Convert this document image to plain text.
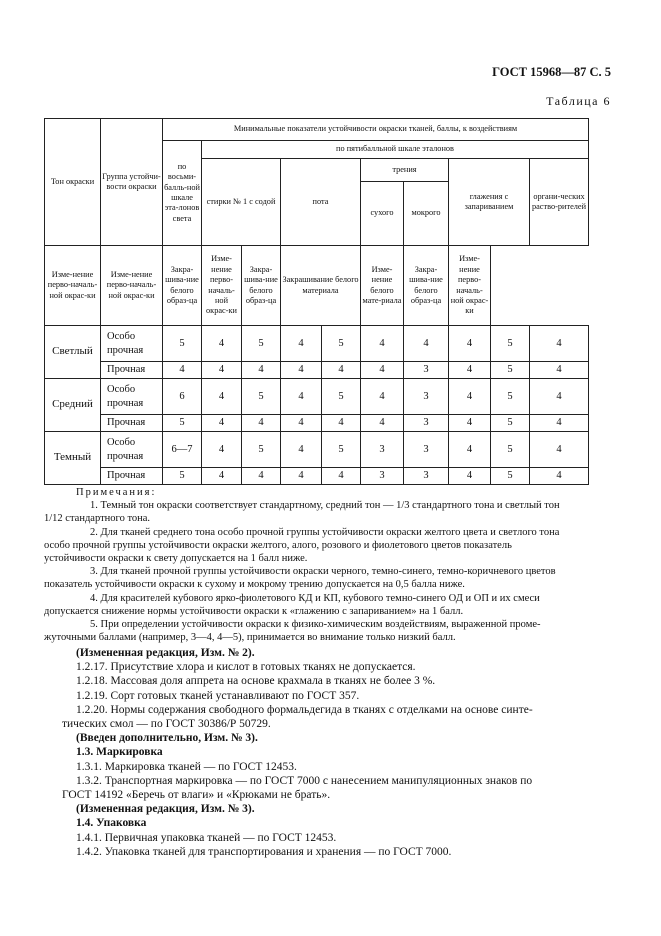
ГОСТ 15968—87 С. 5
Таблица 6
Тон окраски	Группа устойчи-вости окраски	Минимальные показатели устойчивости окраски тканей, баллы, к воздействиям									
		по восьми-балль-ной шкале эта-лонов света	по пятибалльной шкале эталонов								
			стирки № 1 с содой		пота		трения		глажения с запариванием		органи-ческих раство-рителей
							сухого	мокрого			
Изме-нение перво-началь-ной окрас-ки	Изме-нение перво-началь-ной окрас-ки	Закра-шива-ние белого образ-ца	Изме-нение перво-началь-ной окрас-ки	Закра-шива-ние белого образ-ца	Закрашивание белого материала		Изме-нение белого мате-риала	Закра-шива-ние белого образ-ца	Изме-нение перво-началь-ной окрас-ки		
Светлый	Особо прочная	5	4	5	4	5	4	4	4	5	4
	Прочная	4	4	4	4	4	4	3	4	5	4
Средний	Особо прочная	6	4	5	4	5	4	3	4	5	4
	Прочная	5	4	4	4	4	4	3	4	5	4
Темный	Особо прочная	6—7	4	5	4	5	3	3	4	5	4
	Прочная	5	4	4	4	4	3	3	4	5	4

Примечания:

1. Темный тон окраски соответствует стандартному, средний тон — 1/3 стандартного тона и светлый тон

1/12 стандартного тона.

2. Для тканей среднего тона особо прочной группы устойчивости окраски желтого цвета и светлого тона

особо прочной группы устойчивости окраски желтого, алого, розового и фиолетового цветов показатель

устойчивости окраски к свету допускается на 1 балл ниже.

3. Для тканей прочной группы устойчивости окраски черного, темно-синего, темно-коричневого цветов

показатель устойчивости окраски к сухому и мокрому трению допускается на 0,5 балла ниже.

4. Для красителей кубового ярко-фиолетового КД и КП, кубового темно-синего ОД и ОП и их смеси

допускается снижение нормы устойчивости окраски к «глажению с запариванием» на 1 балл.

5. При определении устойчивости окраски к физико-химическим воздействиям, выраженной проме-

жуточными баллами (например, 3—4, 4—5), принимается во внимание только низкий балл.

(Измененная редакция, Изм. № 2).

1.2.17. Присутствие хлора и кислот в готовых тканях не допускается.

1.2.18. Массовая доля аппрета на основе крахмала в тканях не более 3 %.

1.2.19. Сорт готовых тканей устанавливают по ГОСТ 357.

1.2.20. Нормы содержания свободного формальдегида в тканях с отделками на основе синте-

тических смол — по ГОСТ 30386/Р 50729.

(Введен дополнительно, Изм. № 3).

1.3. Маркировка

1.3.1. Маркировка тканей — по ГОСТ 12453.

1.3.2. Транспортная маркировка — по ГОСТ 7000 с нанесением манипуляционных знаков по

ГОСТ 14192 «Беречь от влаги» и «Крюками не брать».

(Измененная редакция, Изм. № 3).

1.4. Упаковка

1.4.1. Первичная упаковка тканей — по ГОСТ 12453.

1.4.2. Упаковка тканей для транспортирования и хранения — по ГОСТ 7000.
